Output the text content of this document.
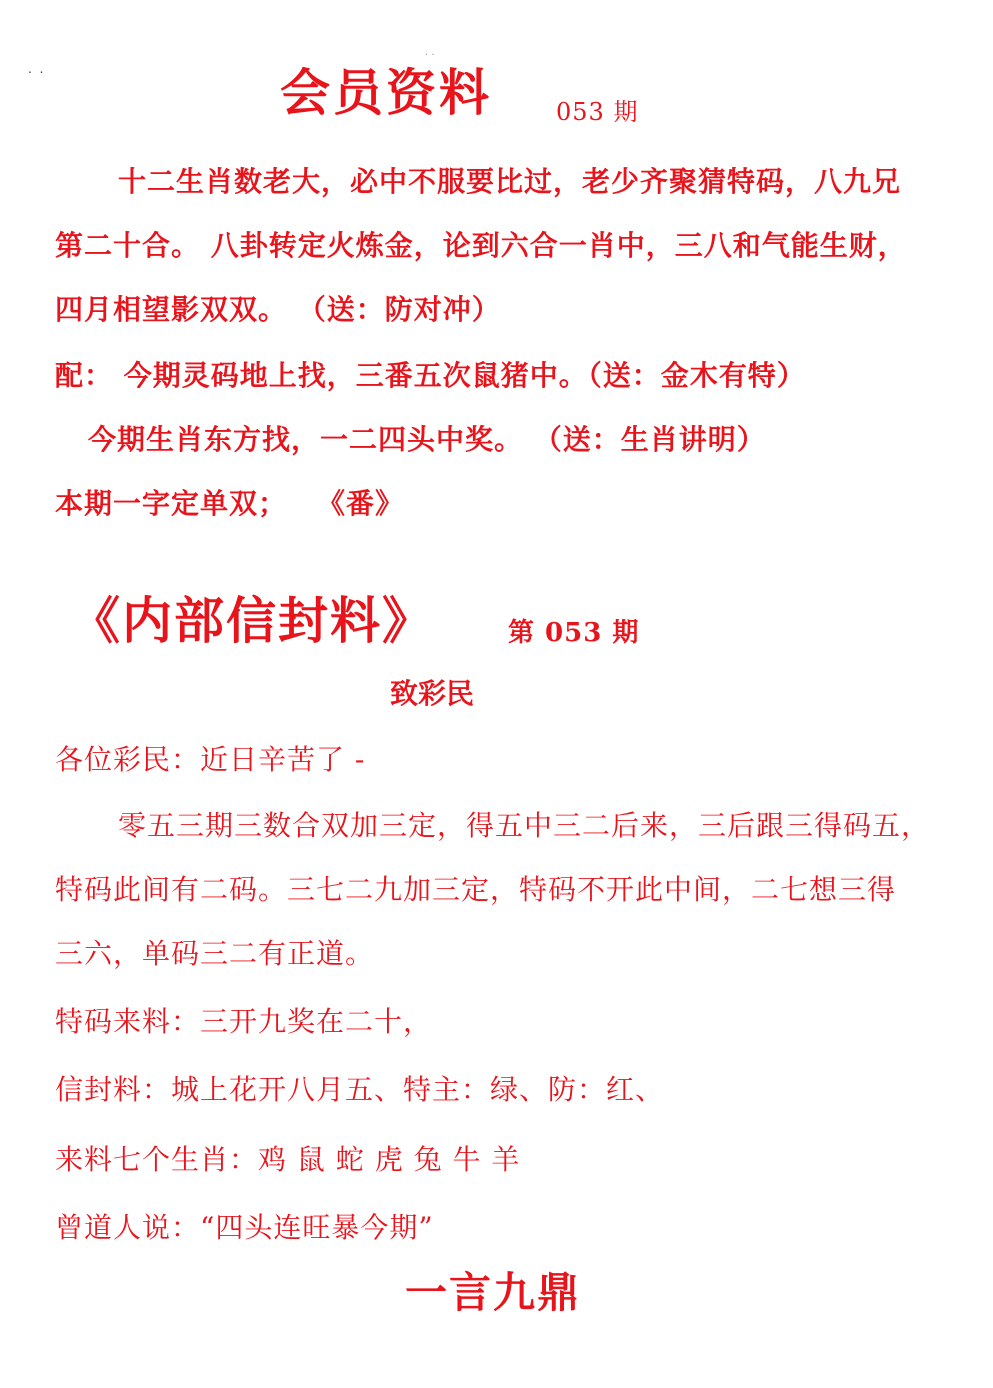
. .
· ·
会员资料	053 期
十二生肖数老大，必中不服要比过，老少齐聚猜特码，八九兄
第二十合。 八卦转定火炼金，论到六合一肖中，三八和气能生财，
四月相望影双双。 （送：防对冲）
配： 今期灵码地上找，三番五次鼠猪中。（送：金木有特）
今期生肖东方找，一二四头中奖。 （送：生肖讲明）
本期一字定单双；　　《番》
《内部信封料》	第 053 期
致彩民
各位彩民：近日辛苦了 -
零五三期三数合双加三定，得五中三二后来，三后跟三得码五，
特码此间有二码。三七二九加三定，特码不开此中间，二七想三得
三六，单码三二有正道。
特码来料：三开九奖在二十，
信封料：城上花开八月五、特主：绿、防：红、
来料七个生肖：鸡 鼠 蛇 虎 兔 牛 羊
曾道人说：“四头连旺暴今期”
一言九鼎
